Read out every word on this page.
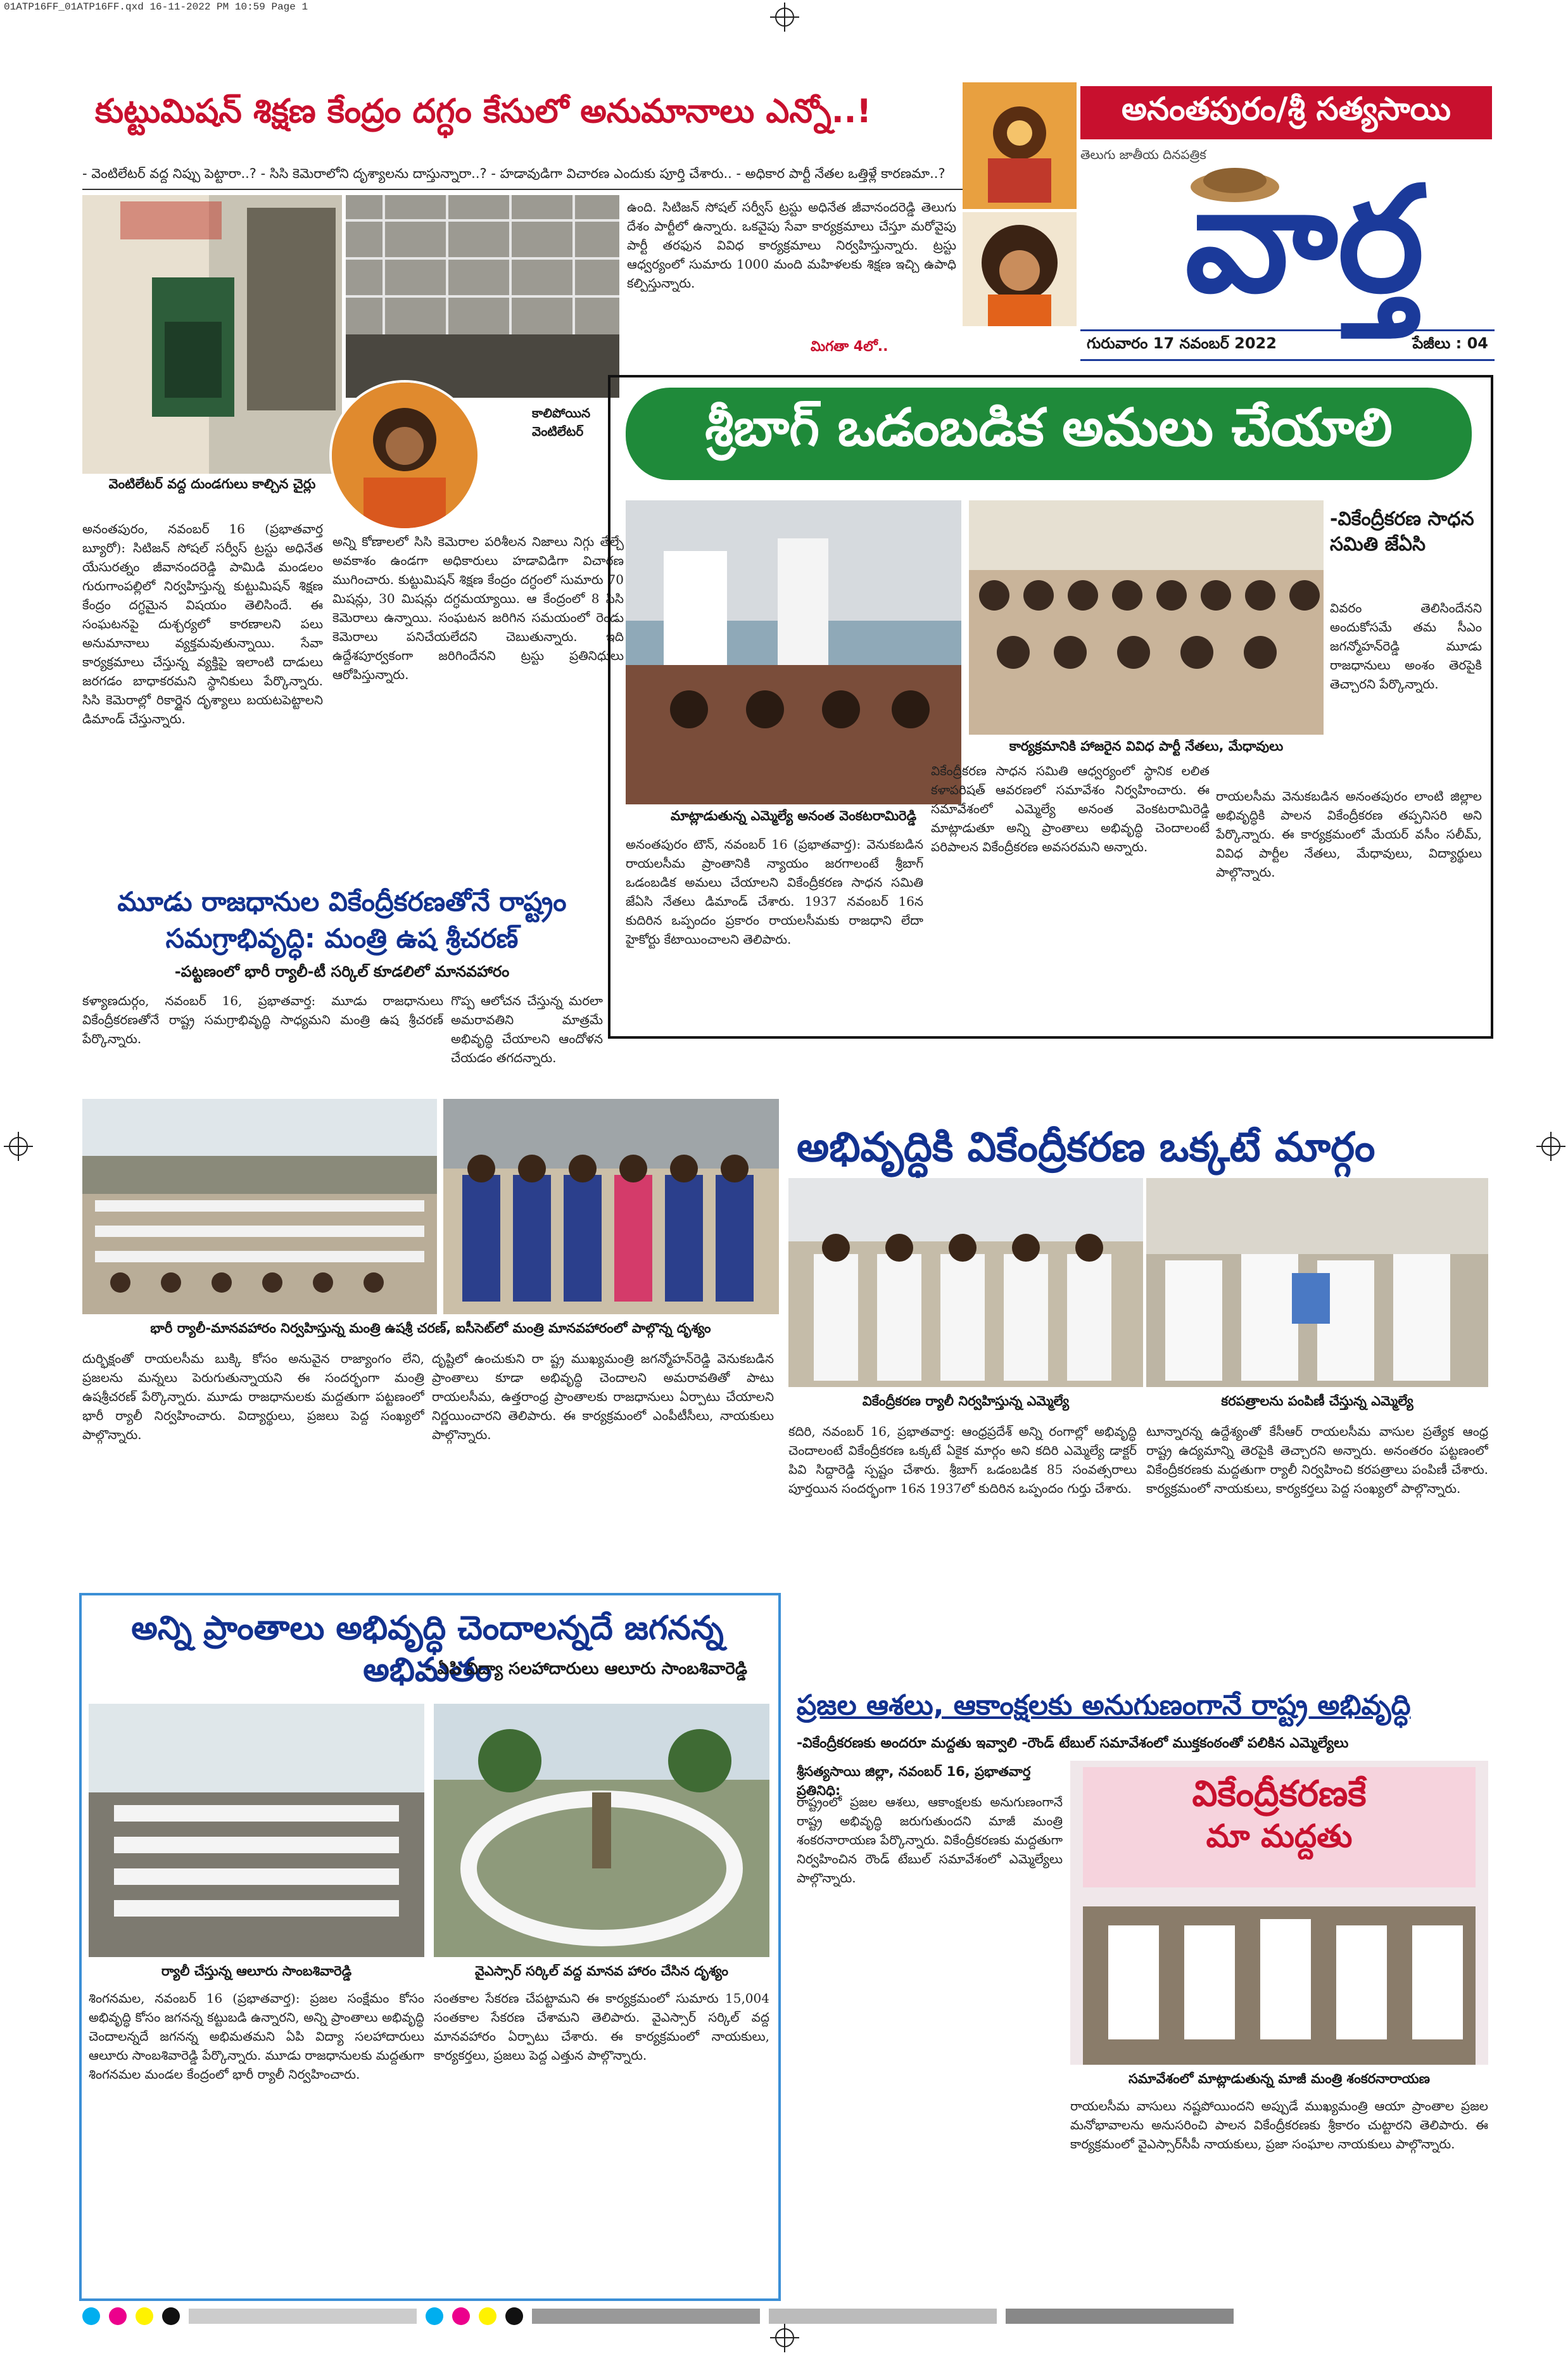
01ATP16FF_01ATP16FF.qxd 16-11-2022 PM 10:59 Page 1
అనంతపురం/శ్రీ సత్యసాయి
తెలుగు జాతీయ దినపత్రిక
వార్త
గురువారం 17 నవంబర్ 2022	పేజీలు : 04
కుట్టుమిషన్ శిక్షణ కేంద్రం దగ్ధం కేసులో అనుమానాలు ఎన్నో..!
- వెంటిలేటర్ వద్ద నిప్పు పెట్టారా..? - సిసి కెమెరాలోని దృశ్యాలను దాస్తున్నారా..? - హడావుడిగా విచారణ ఎందుకు పూర్తి చేశారు.. - అధికార పార్టీ నేతల ఒత్తిళ్లే కారణమా..?
వెంటిలేటర్ వద్ద దుండగులు కాల్చిన చైర్లు
కాలిపోయిన వెంటిలేటర్
అనంతపురం, నవంబర్ 16 (ప్రభాతవార్త బ్యూరో): సిటిజన్ సోషల్ సర్వీస్ ట్రస్టు అధినేత యేసురత్నం జీవానందరెడ్డి పామిడి మండలం గురుగాంపల్లిలో నిర్వహిస్తున్న కుట్టుమిషన్ శిక్షణ కేంద్రం దగ్ధమైన విషయం తెలిసిందే. ఈ సంఘటనపై దుశ్చర్యలో కారణాలని పలు అనుమానాలు వ్యక్తమవుతున్నాయి. సేవా కార్యక్రమాలు చేస్తున్న వ్యక్తిపై ఇలాంటి దాడులు జరగడం బాధాకరమని స్థానికులు పేర్కొన్నారు. సిసి కెమెరాల్లో రికార్డైన దృశ్యాలు బయటపెట్టాలని డిమాండ్ చేస్తున్నారు.
అన్ని కోణాలలో సిసి కెమెరాల పరిశీలన నిజాలు నిగ్గు తేల్చే అవకాశం ఉండగా అధికారులు హడావిడిగా విచారణ ముగించారు. కుట్టుమిషన్ శిక్షణ కేంద్రం దగ్ధంలో సుమారు 70 మిషన్లు, 30 మిషన్లు దగ్ధమయ్యాయి. ఆ కేంద్రంలో 8 సిసి కెమెరాలు ఉన్నాయి. సంఘటన జరిగిన సమయంలో రెండు కెమెరాలు పనిచేయలేదని చెబుతున్నారు. ఇది ఉద్దేశపూర్వకంగా జరిగిందేనని ట్రస్టు ప్రతినిధులు ఆరోపిస్తున్నారు.
ఉంది. సిటిజన్ సోషల్ సర్వీస్ ట్రస్టు అధినేత జీవానందరెడ్డి తెలుగు దేశం పార్టీలో ఉన్నారు. ఒకవైపు సేవా కార్యక్రమాలు చేస్తూ మరోవైపు పార్టీ తరఫున వివిధ కార్యక్రమాలు నిర్వహిస్తున్నారు. ట్రస్టు ఆధ్వర్యంలో సుమారు 1000 మంది మహిళలకు శిక్షణ ఇచ్చి ఉపాధి కల్పిస్తున్నారు.
మిగతా 4లో..
శ్రీబాగ్ ఒడంబడిక అమలు చేయాలి
మాట్లాడుతున్న ఎమ్మెల్యే అనంత వెంకటరామిరెడ్డి
కార్యక్రమానికి హాజరైన వివిధ పార్టీ నేతలు, మేధావులు
-వికేంద్రీకరణ సాధన సమితి జేఏసి
వివరం తెలిసిందేనని అందుకోసమే తమ సీఎం జగన్మోహన్‌రెడ్డి మూడు రాజధానులు అంశం తెరపైకి తెచ్చారని పేర్కొన్నారు.
అనంతపురం టౌన్, నవంబర్ 16 (ప్రభాతవార్త): వెనుకబడిన రాయలసీమ ప్రాంతానికి న్యాయం జరగాలంటే శ్రీబాగ్ ఒడంబడిక అమలు చేయాలని వికేంద్రీకరణ సాధన సమితి జేఏసి నేతలు డిమాండ్ చేశారు. 1937 నవంబర్ 16న కుదిరిన ఒప్పందం ప్రకారం రాయలసీమకు రాజధాని లేదా హైకోర్టు కేటాయించాలని తెలిపారు.
వికేంద్రీకరణ సాధన సమితి ఆధ్వర్యంలో స్థానిక లలిత కళాపరిషత్ ఆవరణలో సమావేశం నిర్వహించారు. ఈ సమావేశంలో ఎమ్మెల్యే అనంత వెంకటరామిరెడ్డి మాట్లాడుతూ అన్ని ప్రాంతాలు అభివృద్ధి చెందాలంటే పరిపాలన వికేంద్రీకరణ అవసరమని అన్నారు.
రాయలసీమ వెనుకబడిన అనంతపురం లాంటి జిల్లాల అభివృద్ధికి పాలన వికేంద్రీకరణ తప్పనిసరి అని పేర్కొన్నారు. ఈ కార్యక్రమంలో మేయర్ వసీం సలీమ్, వివిధ పార్టీల నేతలు, మేధావులు, విద్యార్థులు పాల్గొన్నారు.
మూడు రాజధానుల వికేంద్రీకరణతోనే రాష్ట్రం సమగ్రాభివృద్ధి: మంత్రి ఉష శ్రీచరణ్
-పట్టణంలో భారీ ర్యాలీ-టీ సర్కిల్ కూడలిలో మానవహారం
కళ్యాణదుర్గం, నవంబర్ 16, ప్రభాతవార్త: మూడు రాజధానులు వికేంద్రీకరణతోనే రాష్ట్ర సమగ్రాభివృద్ధి సాధ్యమని మంత్రి ఉష శ్రీచరణ్ పేర్కొన్నారు.
గొప్ప ఆలోచన చేస్తున్న మరలా అమరావతిని మాత్రమే అభివృద్ధి చేయాలని ఆందోళన చేయడం తగదన్నారు.
భారీ ర్యాలీ-మానవహారం నిర్వహిస్తున్న మంత్రి ఉషశ్రీ చరణ్, ఐసీసెట్‌లో మంత్రి మానవహారంలో పాల్గొన్న దృశ్యం
దుర్భిక్షంతో రాయలసీమ బుక్కి కోసం అనువైన రాజ్యాంగం లేని, ప్రజలను మన్నలు పెరుగుతున్నాయని ఈ సందర్భంగా మంత్రి ఉషశ్రీచరణ్ పేర్కొన్నారు. మూడు రాజధానులకు మద్దతుగా పట్టణంలో భారీ ర్యాలీ నిర్వహించారు. విద్యార్థులు, ప్రజలు పెద్ద సంఖ్యలో పాల్గొన్నారు.
దృష్టిలో ఉంచుకుని రా ష్ట్ర ముఖ్యమంత్రి జగన్మోహన్‌రెడ్డి వెనుకబడిన ప్రాంతాలు కూడా అభివృద్ధి చెందాలని అమరావతితో పాటు రాయలసీమ, ఉత్తరాంధ్ర ప్రాంతాలకు రాజధానులు ఏర్పాటు చేయాలని నిర్ణయించారని తెలిపారు. ఈ కార్యక్రమంలో ఎంపీటీసీలు, నాయకులు పాల్గొన్నారు.
అభివృద్ధికి వికేంద్రీకరణ ఒక్కటే మార్గం
వికేంద్రీకరణ ర్యాలీ నిర్వహిస్తున్న ఎమ్మెల్యే	కరపత్రాలను పంపిణీ చేస్తున్న ఎమ్మెల్యే
కదిరి, నవంబర్ 16, ప్రభాతవార్త: ఆంధ్రప్రదేశ్ అన్ని రంగాల్లో అభివృద్ధి చెందాలంటే వికేంద్రీకరణ ఒక్కటే ఏకైక మార్గం అని కదిరి ఎమ్మెల్యే డాక్టర్ పివి సిద్దారెడ్డి స్పష్టం చేశారు. శ్రీబాగ్ ఒడంబడిక 85 సంవత్సరాలు పూర్తయిన సందర్భంగా 16న 1937లో కుదిరిన ఒప్పందం గుర్తు చేశారు.
టూన్నారన్న ఉద్దేశ్యంతో కేసీఆర్ రాయలసీమ వాసుల ప్రత్యేక ఆంధ్ర రాష్ట్ర ఉద్యమాన్ని తెరపైకి తెచ్చారని అన్నారు. అనంతరం పట్టణంలో వికేంద్రీకరణకు మద్దతుగా ర్యాలీ నిర్వహించి కరపత్రాలు పంపిణీ చేశారు. కార్యక్రమంలో నాయకులు, కార్యకర్తలు పెద్ద సంఖ్యలో పాల్గొన్నారు.
అన్ని ప్రాంతాలు అభివృద్ధి చెందాలన్నదే జగనన్న అభిమతం
- ఏపి విద్యా సలహాదారులు ఆలూరు సాంబశివారెడ్డి
ర్యాలీ చేస్తున్న ఆలూరు సాంబశివారెడ్డి	వైఎస్సార్ సర్కిల్ వద్ద మానవ హారం చేసిన దృశ్యం
శింగనమల, నవంబర్ 16 (ప్రభాతవార్త): ప్రజల సంక్షేమం కోసం అభివృద్ధి కోసం జగనన్న కట్టుబడి ఉన్నారని, అన్ని ప్రాంతాలు అభివృద్ధి చెందాలన్నదే జగనన్న అభిమతమని ఏపి విద్యా సలహాదారులు ఆలూరు సాంబశివారెడ్డి పేర్కొన్నారు. మూడు రాజధానులకు మద్దతుగా శింగనమల మండల కేంద్రంలో భారీ ర్యాలీ నిర్వహించారు.
సంతకాల సేకరణ చేపట్టామని ఈ కార్యక్రమంలో సుమారు 15,004 సంతకాల సేకరణ చేశామని తెలిపారు. వైఎస్సార్ సర్కిల్ వద్ద మానవహారం ఏర్పాటు చేశారు. ఈ కార్యక్రమంలో నాయకులు, కార్యకర్తలు, ప్రజలు పెద్ద ఎత్తున పాల్గొన్నారు.
ప్రజల ఆశలు, ఆకాంక్షలకు అనుగుణంగానే రాష్ట్ర అభివృద్ధి
-వికేంద్రీకరణకు అందరూ మద్దతు ఇవ్వాలి -రౌండ్ టేబుల్ సమావేశంలో ముక్తకంఠంతో పలికిన ఎమ్మెల్యేలు
శ్రీసత్యసాయి జిల్లా, నవంబర్ 16, ప్రభాతవార్త ప్రతినిధి:	వికేంద్రీకరణకే
మా మద్దతు
సమావేశంలో మాట్లాడుతున్న మాజీ మంత్రి శంకరనారాయణ
రాష్ట్రంలో ప్రజల ఆశలు, ఆకాంక్షలకు అనుగుణంగానే రాష్ట్ర అభివృద్ధి జరుగుతుందని మాజీ మంత్రి శంకరనారాయణ పేర్కొన్నారు. వికేంద్రీకరణకు మద్దతుగా నిర్వహించిన రౌండ్ టేబుల్ సమావేశంలో ఎమ్మెల్యేలు పాల్గొన్నారు.
రాయలసీమ వాసులు నష్టపోయిందని అప్పుడే ముఖ్యమంత్రి ఆయా ప్రాంతాల ప్రజల మనోభావాలను అనుసరించి పాలన వికేంద్రీకరణకు శ్రీకారం చుట్టారని తెలిపారు. ఈ కార్యక్రమంలో వైఎస్సార్‌సీపీ నాయకులు, ప్రజా సంఘాల నాయకులు పాల్గొన్నారు.
